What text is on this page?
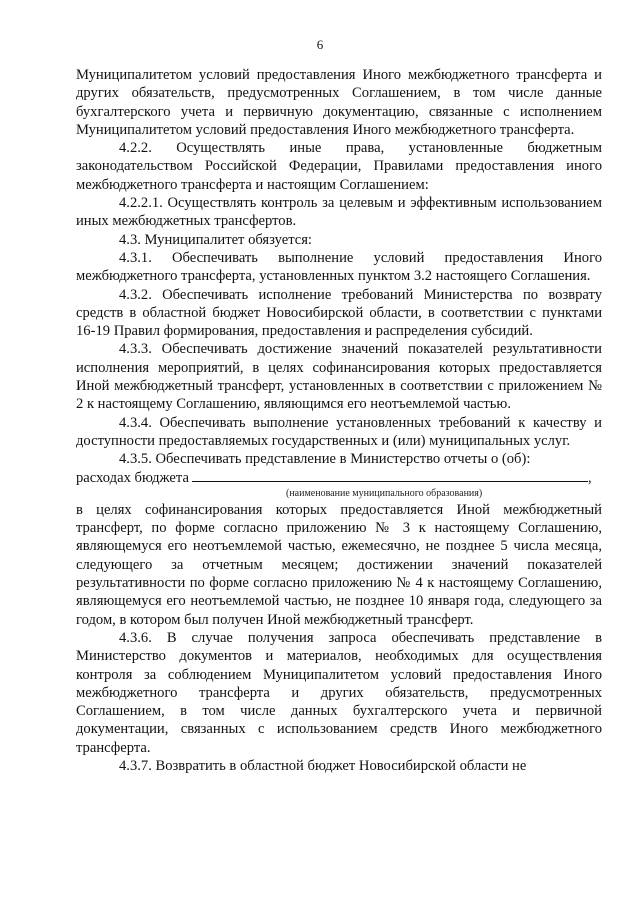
6

Муниципалитетом условий предоставления Иного межбюджетного трансферта и других обязательств, предусмотренных Соглашением, в том числе данные бухгалтерского учета и первичную документацию, связанные с исполнением Муниципалитетом условий предоставления Иного межбюджетного трансферта.

4.2.2. Осуществлять иные права, установленные бюджетным законодательством Российской Федерации, Правилами предоставления иного межбюджетного трансферта и настоящим Соглашением:

4.2.2.1. Осуществлять контроль за целевым и эффективным использованием иных межбюджетных трансфертов.

4.3. Муниципалитет обязуется:

4.3.1. Обеспечивать выполнение условий предоставления Иного межбюджетного трансферта, установленных пунктом 3.2 настоящего Соглашения.

4.3.2. Обеспечивать исполнение требований Министерства по возврату средств в областной бюджет Новосибирской области, в соответствии с пунктами 16-19 Правил формирования, предоставления и распределения субсидий.

4.3.3. Обеспечивать достижение значений показателей результативности исполнения мероприятий, в целях софинансирования которых предоставляется Иной межбюджетный трансферт, установленных в соответствии с приложением № 2 к настоящему Соглашению, являющимся его неотъемлемой частью.

4.3.4. Обеспечивать выполнение установленных требований к качеству и доступности предоставляемых государственных и (или) муниципальных услуг.

4.3.5. Обеспечивать представление в Министерство отчеты о (об):

расходах бюджета	,

(наименование муниципального образования)

в целях софинансирования которых предоставляется Иной межбюджетный трансферт, по форме согласно приложению № 3 к настоящему Соглашению, являющемуся его неотъемлемой частью, ежемесячно, не позднее 5 числа месяца, следующего за отчетным месяцем; достижении значений показателей результативности по форме согласно приложению № 4 к настоящему Соглашению, являющемуся его неотъемлемой частью, не позднее 10 января года, следующего за годом, в котором был получен Иной межбюджетный трансферт.

4.3.6. В случае получения запроса обеспечивать представление в Министерство документов и материалов, необходимых для осуществления контроля за соблюдением Муниципалитетом условий предоставления Иного межбюджетного трансферта и других обязательств, предусмотренных Соглашением, в том числе данных бухгалтерского учета и первичной документации, связанных с использованием средств Иного межбюджетного трансферта.

4.3.7. Возвратить в областной бюджет Новосибирской области не
